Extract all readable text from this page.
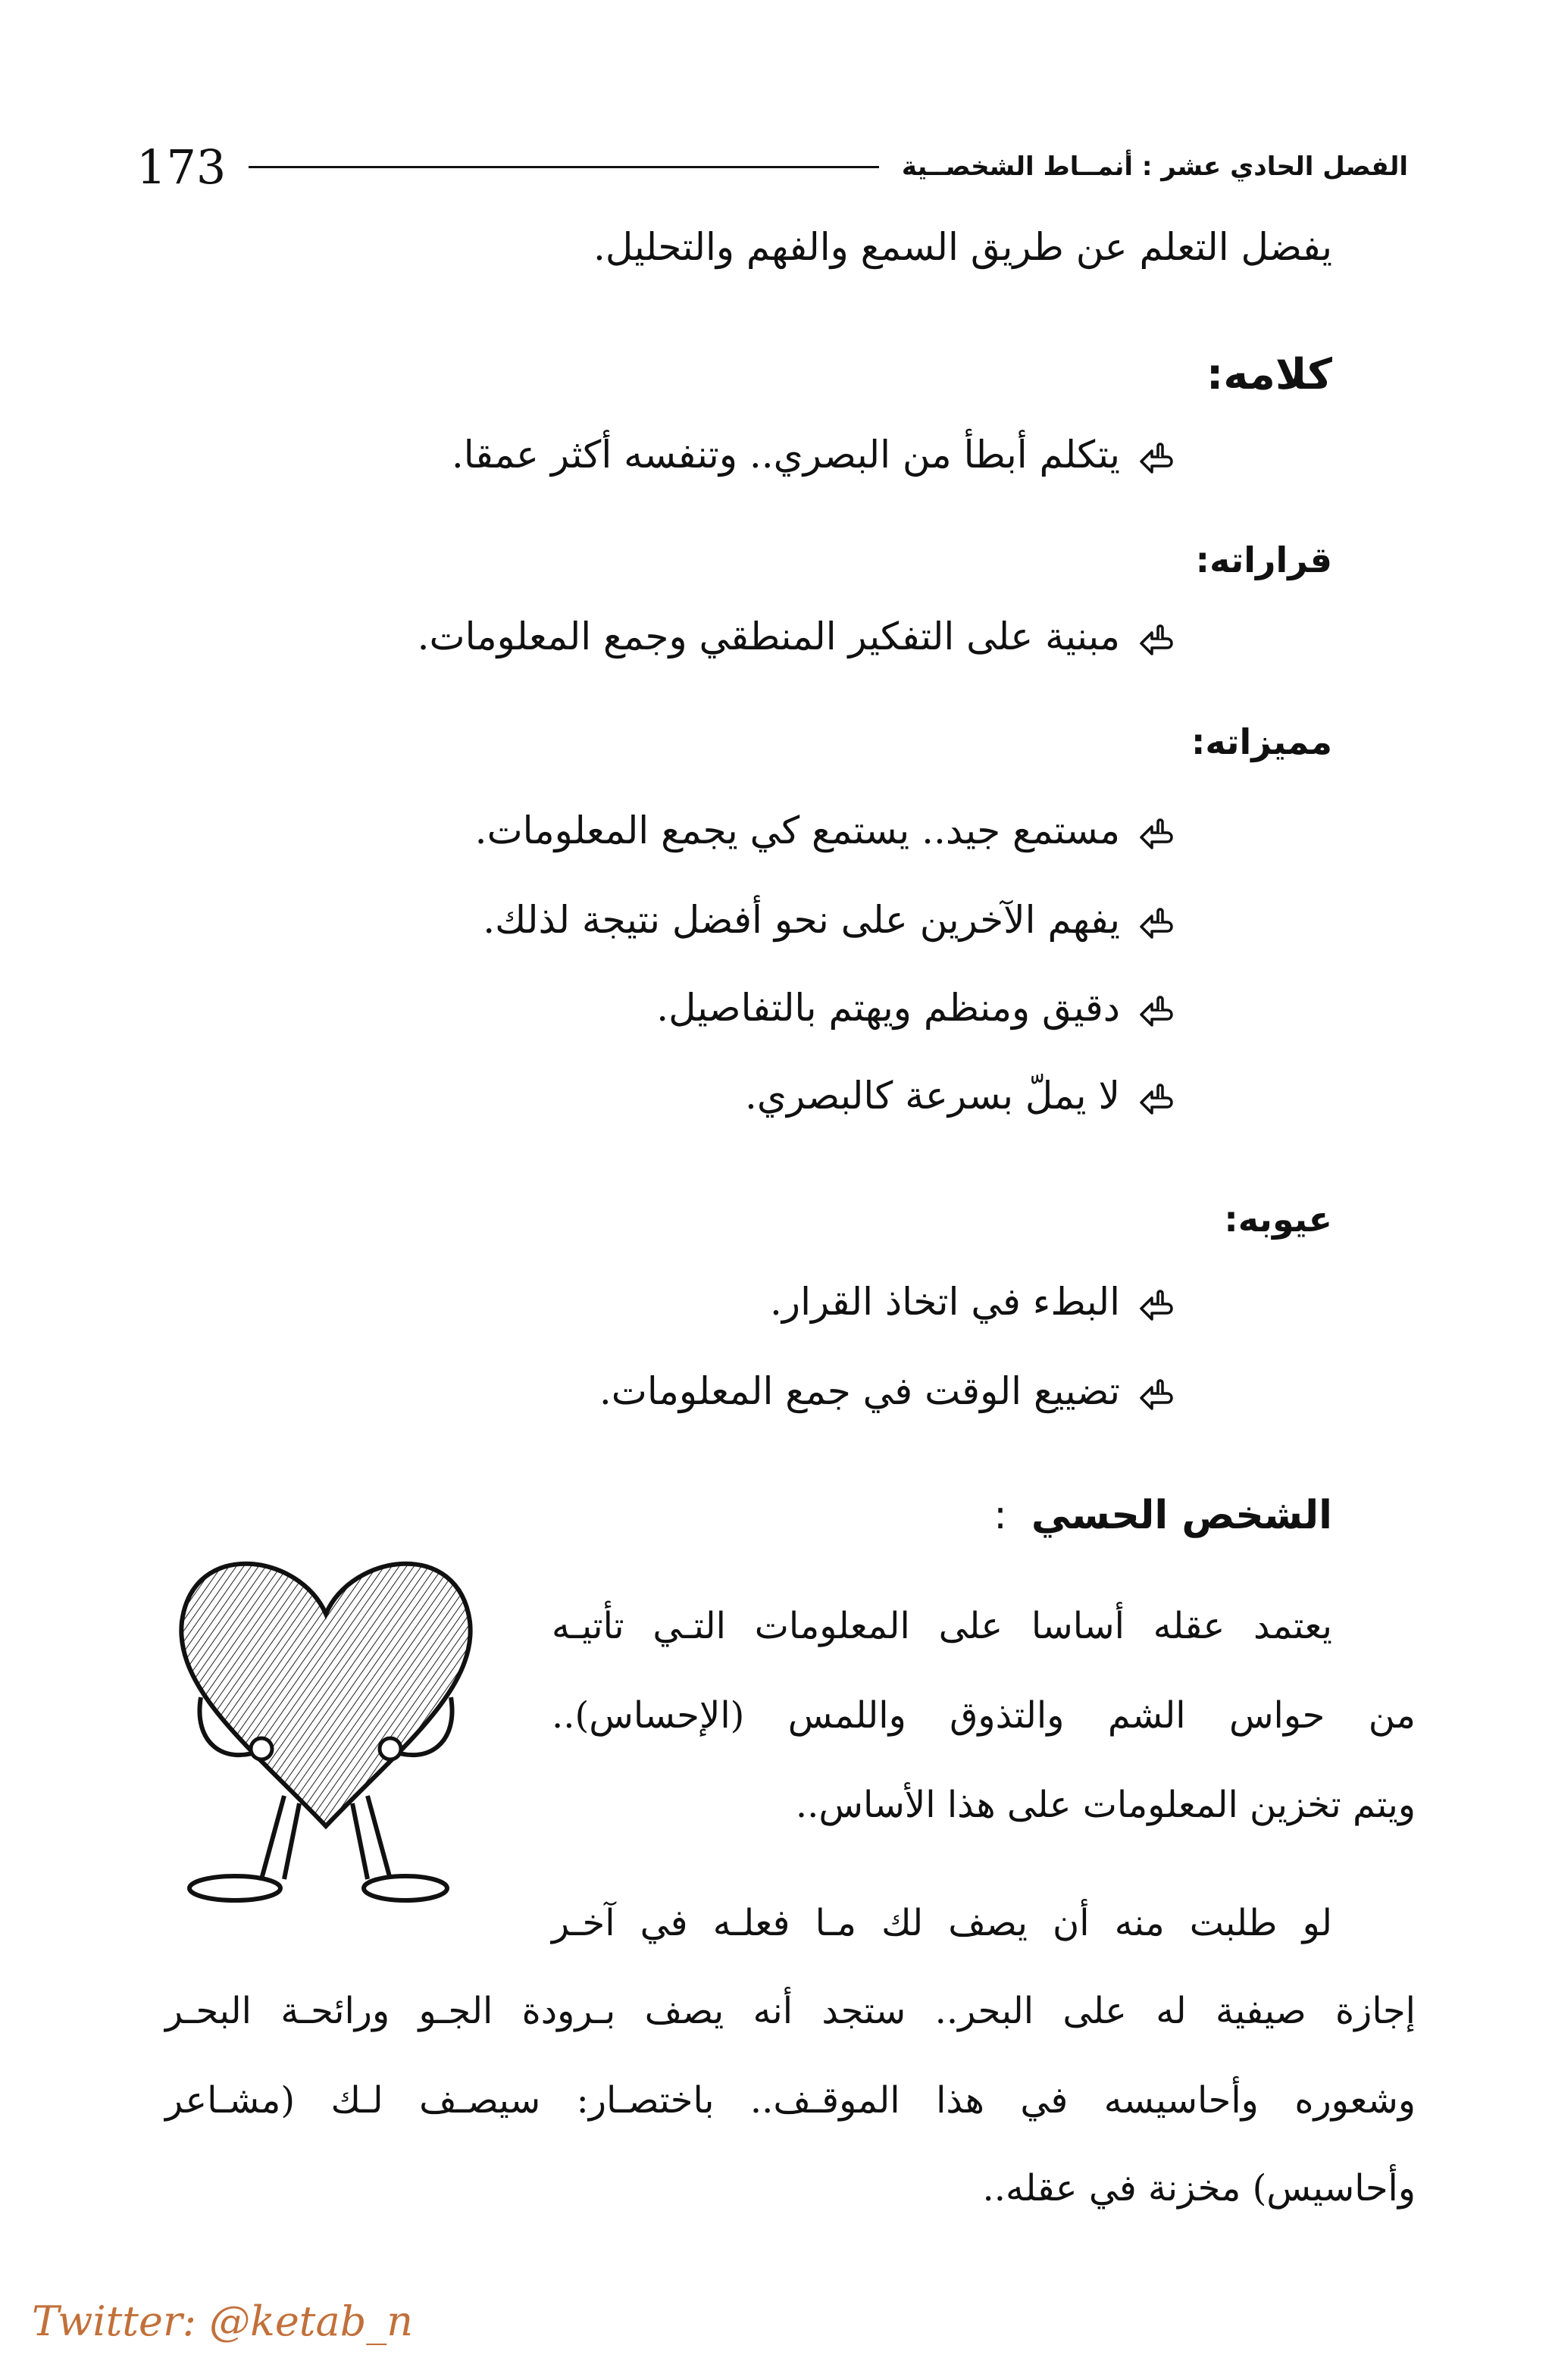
الفصل الحادي عشر : أنمــاط الشخصــية
173
يفضل التعلم عن طريق السمع والفهم والتحليل.
كلامه:
يتكلم أبطأ من البصري.. وتنفسه أكثر عمقا.
قراراته:
مبنية على التفكير المنطقي وجمع المعلومات.
مميزاته:
مستمع جيد.. يستمع كي يجمع المعلومات.
يفهم الآخرين على نحو أفضل نتيجة لذلك.
دقيق ومنظم ويهتم بالتفاصيل.
لا يملّ بسرعة كالبصري.
عيوبه:
البطء في اتخاذ القرار.
تضييع الوقت في جمع المعلومات.
الشخص الحسي :
يعتمد عقله أساسا على المعلومات التـي تأتيـه
من حواس الشم والتذوق واللمس (الإحساس)..
ويتم تخزين المعلومات على هذا الأساس..
لو طلبت منه أن يصف لك مـا فعلـه في آخـر
إجازة صيفية له على البحر.. ستجد أنه يصف بـرودة الجـو ورائحـة البحـر
وشعوره وأحاسيسه في هذا الموقـف.. باختصـار: سيصـف لـك (مشـاعر
وأحاسيس) مخزنة في عقله..
Twitter: @ketab_n
